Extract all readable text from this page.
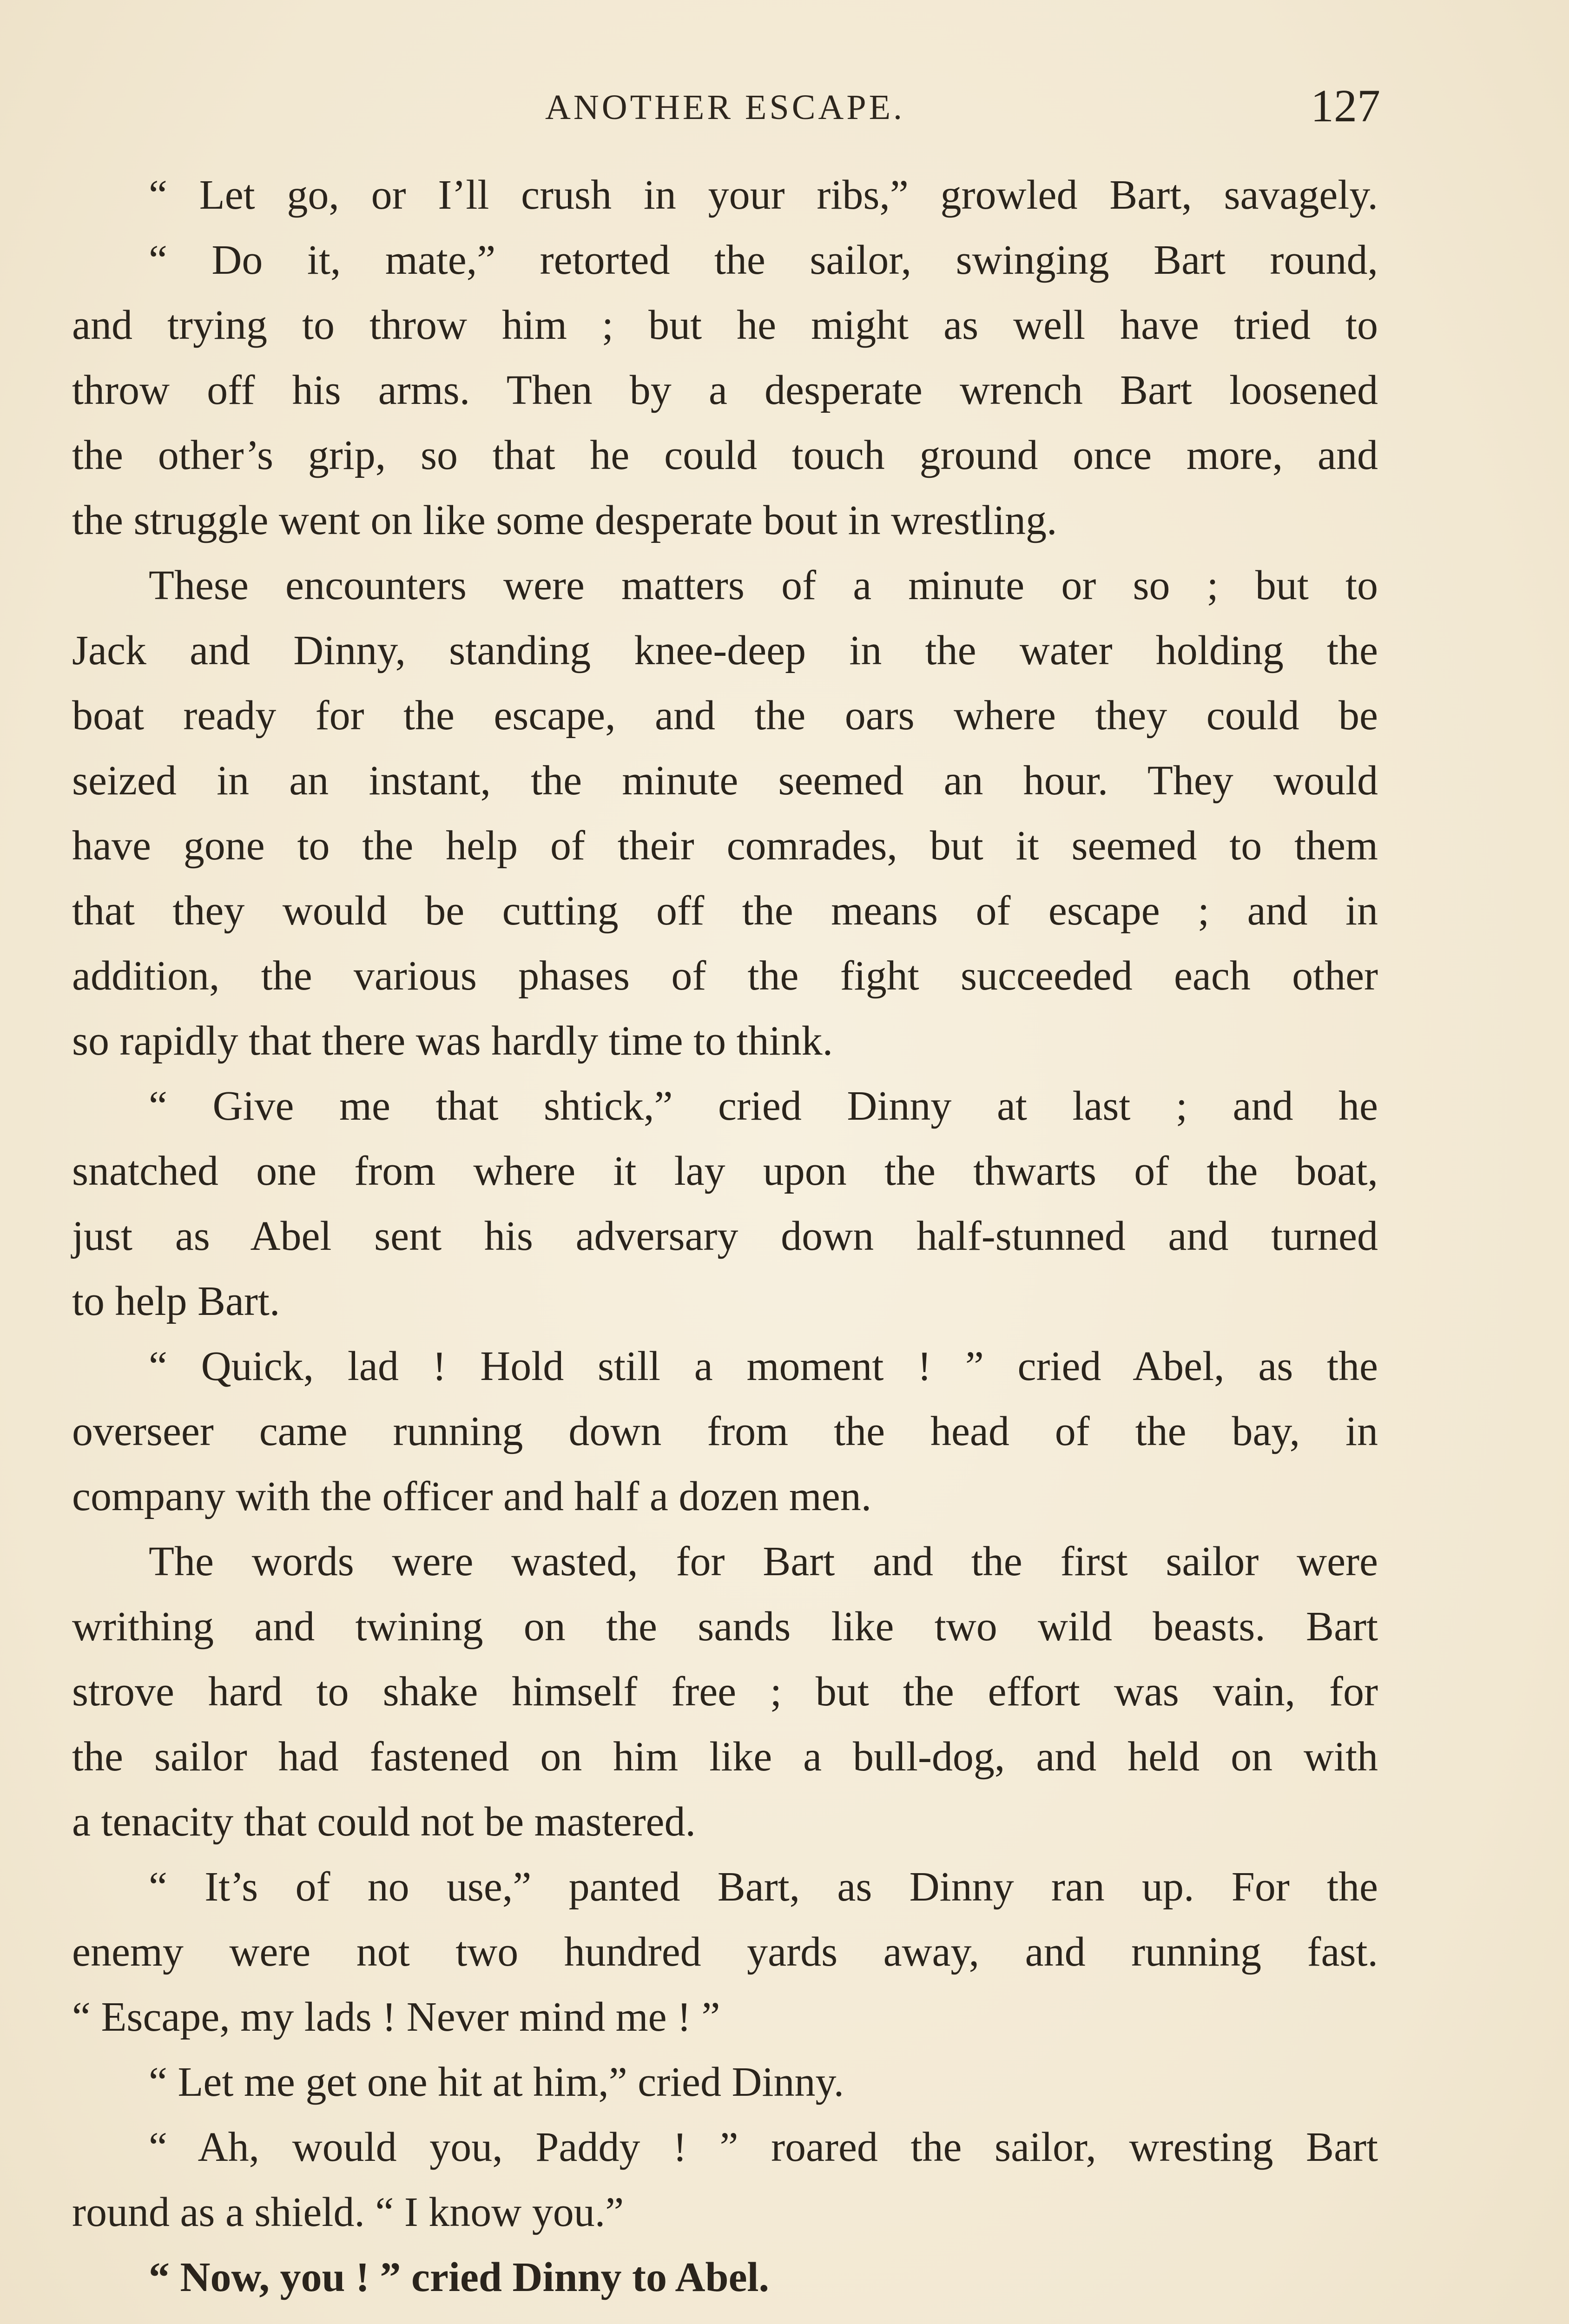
ANOTHER ESCAPE.	127
“ Let go, or I’ll crush in your ribs,” growled Bart, savagely.
“ Do it, mate,” retorted the sailor, swinging Bart round,
and trying to throw him ; but he might as well have tried to
throw off his arms. Then by a desperate wrench Bart loosened
the other’s grip, so that he could touch ground once more, and
the struggle went on like some desperate bout in wrestling.
These encounters were matters of a minute or so ; but to
Jack and Dinny, standing knee-deep in the water holding the
boat ready for the escape, and the oars where they could be
seized in an instant, the minute seemed an hour. They would
have gone to the help of their comrades, but it seemed to them
that they would be cutting off the means of escape ; and in
addition, the various phases of the fight succeeded each other
so rapidly that there was hardly time to think.
“ Give me that shtick,” cried Dinny at last ; and he
snatched one from where it lay upon the thwarts of the boat,
just as Abel sent his adversary down half-stunned and turned
to help Bart.
“ Quick, lad ! Hold still a moment ! ” cried Abel, as the
overseer came running down from the head of the bay, in
company with the officer and half a dozen men.
The words were wasted, for Bart and the first sailor were
writhing and twining on the sands like two wild beasts. Bart
strove hard to shake himself free ; but the effort was vain, for
the sailor had fastened on him like a bull-dog, and held on with
a tenacity that could not be mastered.
“ It’s of no use,” panted Bart, as Dinny ran up. For the
enemy were not two hundred yards away, and running fast.
“ Escape, my lads ! Never mind me ! ”
“ Let me get one hit at him,” cried Dinny.
“ Ah, would you, Paddy ! ” roared the sailor, wresting Bart
round as a shield. “ I know you.”
“ Now, you ! ” cried Dinny to Abel.
